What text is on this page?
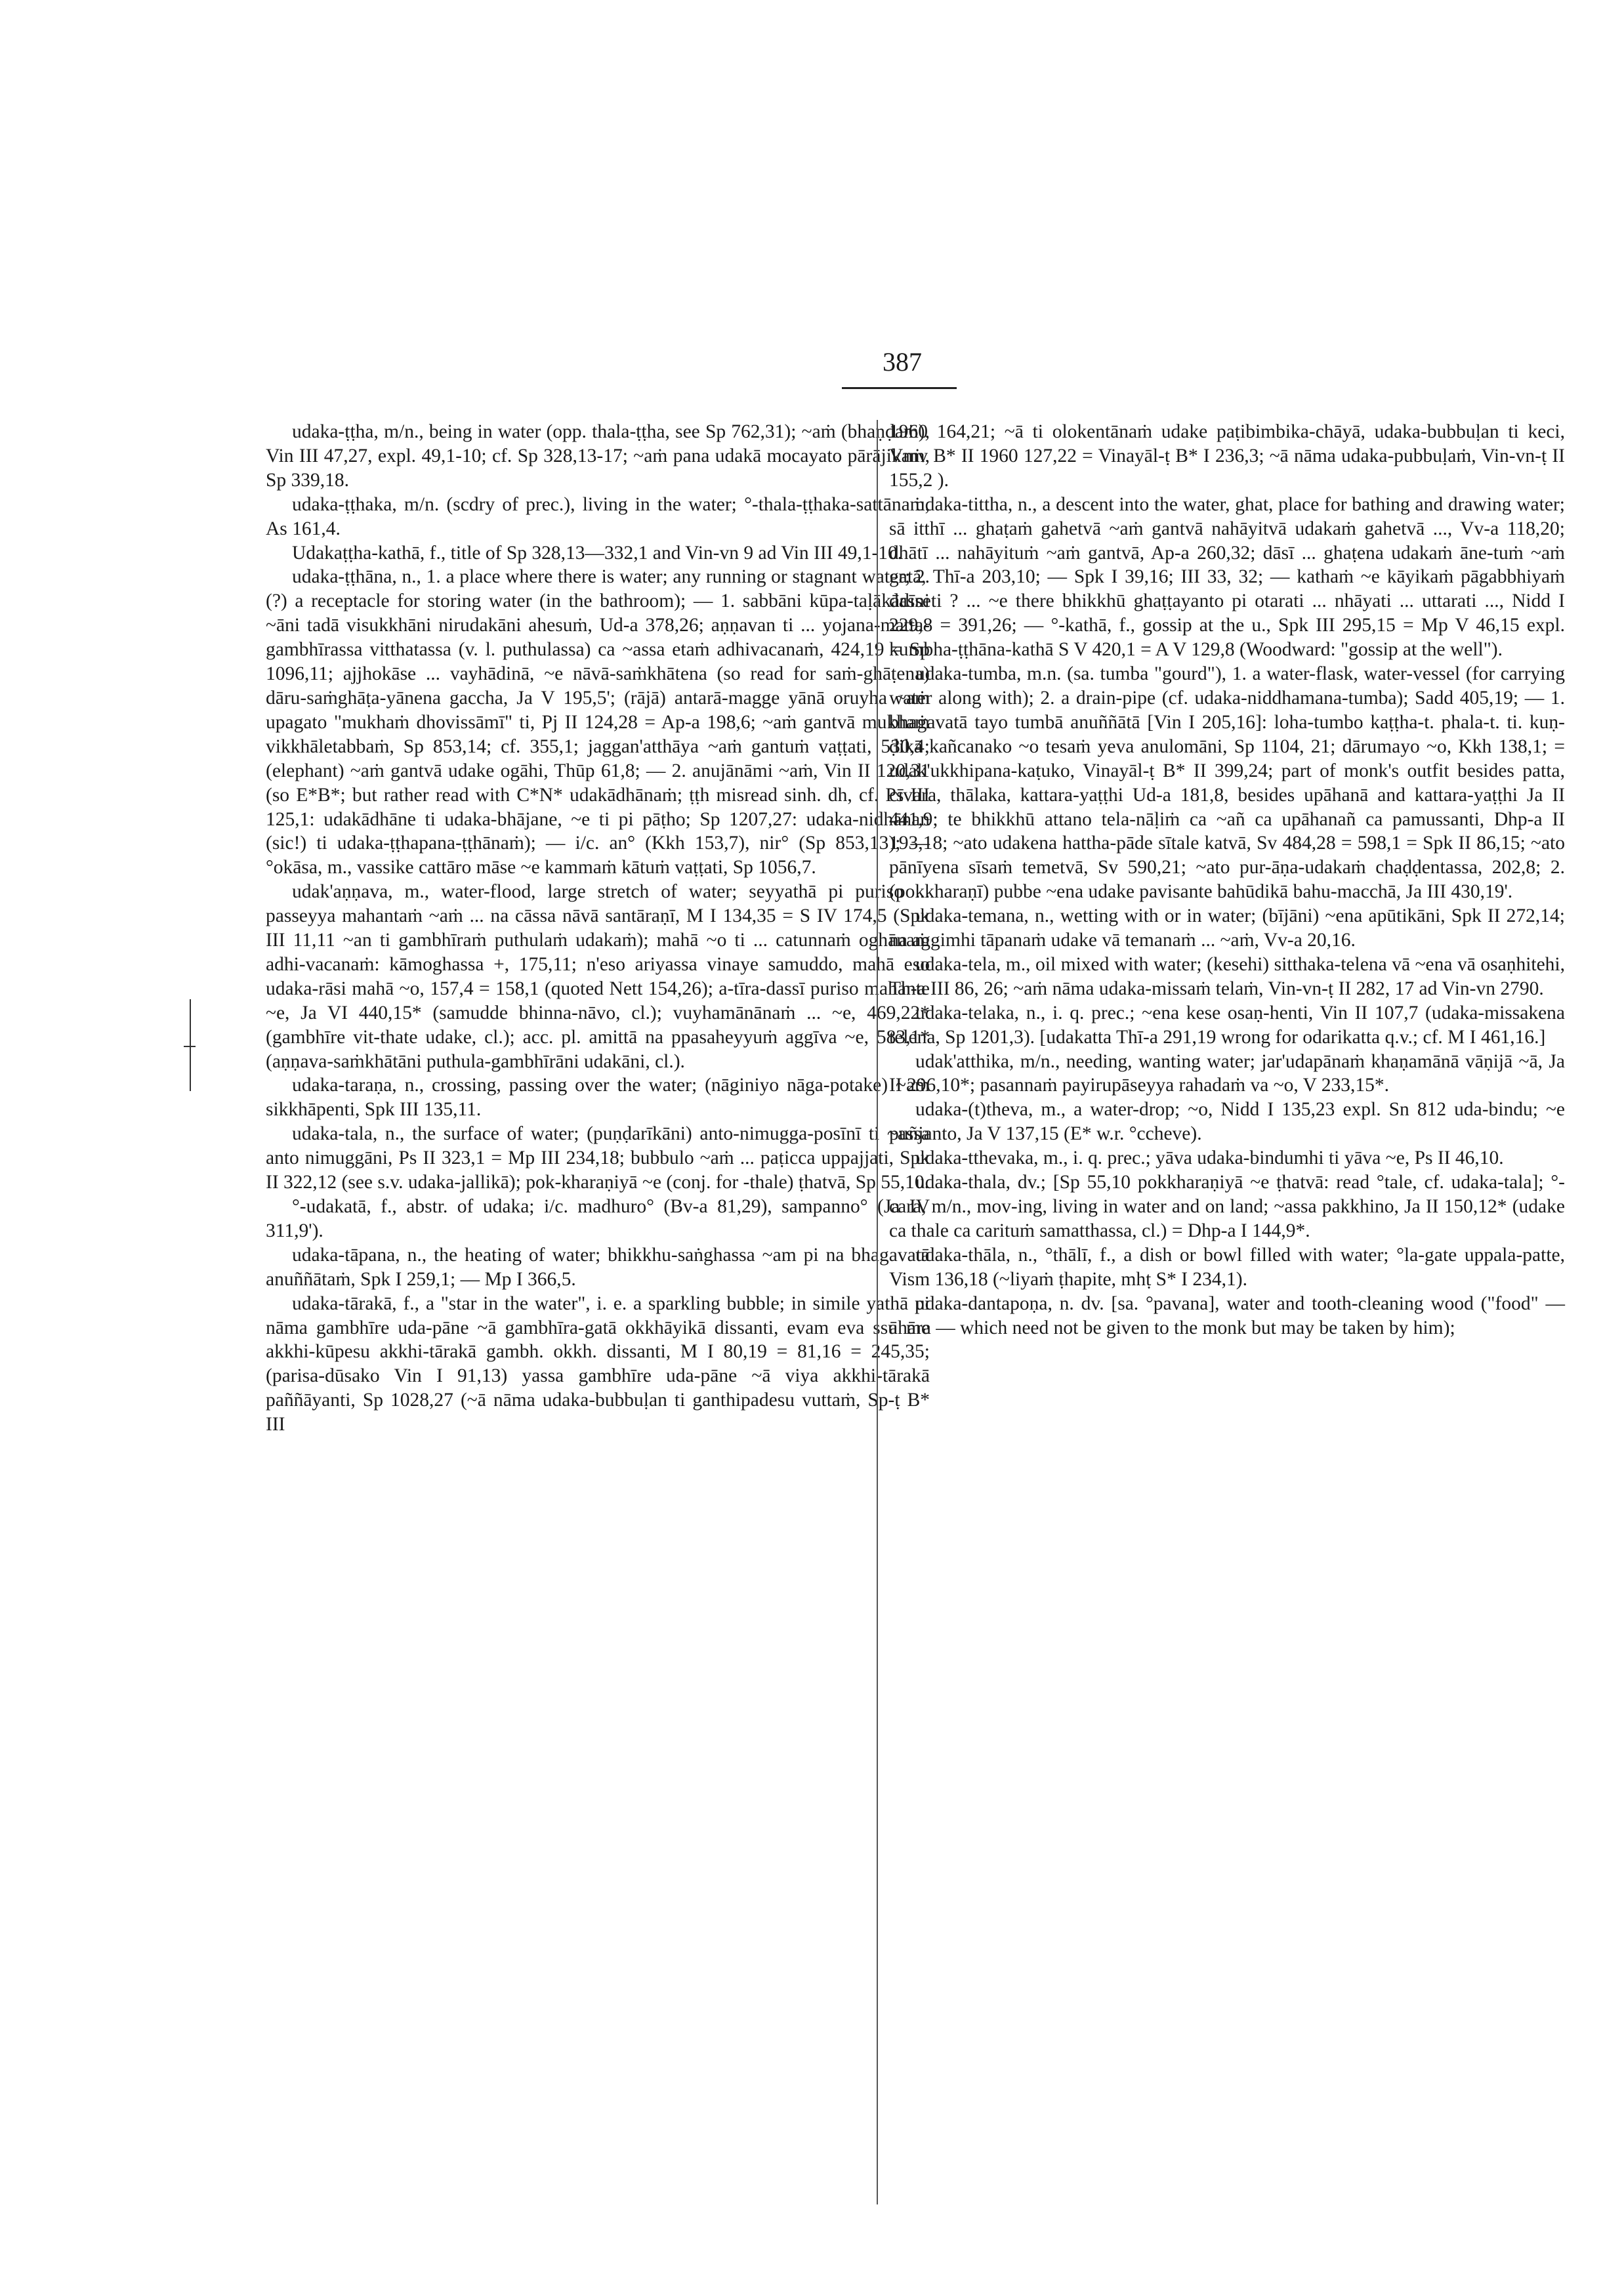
387

udaka-ṭṭha, m/n., being in water (opp. thala-ṭṭha, see Sp 762,31); ~aṁ (bhaṇḍaṁ), Vin III 47,27, expl. 49,1-10; cf. Sp 328,13-17; ~aṁ pana udakā mocayato pārājikaṁ, Sp 339,18.

udaka-ṭṭhaka, m/n. (scdry of prec.), living in the water; °-thala-ṭṭhaka-sattānaṁ, As 161,4.

Udakaṭṭha-kathā, f., title of Sp 328,13—332,1 and Vin-vn 9 ad Vin III 49,1-10.

udaka-ṭṭhāna, n., 1. a place where there is water; any running or stagnant water; 2. (?) a receptacle for storing water (in the bathroom); — 1. sabbāni kūpa-taḷākādīni ~āni tadā visukkhāni nirudakāni ahesuṁ, Ud-a 378,26; aṇṇavan ti ... yojana-matta-gambhīrassa vitthatassa (v. l. puthulassa) ca ~assa etaṁ adhivacanaṁ, 424,19 = Sp 1096,11; ajjhokāse ... vayhādinā, ~e nāvā-saṁkhātena (so read for saṁ-ghāṭena) dāru-saṁghāṭa-yānena gaccha, Ja V 195,5'; (rājā) antarā-magge yānā oruyha ~aṁ upagato "mukhaṁ dhovissāmī" ti, Pj II 124,28 = Ap-a 198,6; ~aṁ gantvā mukhaṁ vikkhāletabbaṁ, Sp 853,14; cf. 355,1; jaggan'atthāya ~aṁ gantuṁ vaṭṭati, 530,4; (elephant) ~aṁ gantvā udake ogāhi, Thūp 61,8; — 2. anujānāmi ~aṁ, Vin II 120,31 (so E*B*; but rather read with C*N* udakādhānaṁ; ṭṭh misread sinh. dh, cf. Ps III 125,1: udakādhāne ti udaka-bhājane, ~e ti pi pāṭho; Sp 1207,27: udaka-nidhānan (sic!) ti udaka-ṭṭhapana-ṭṭhānaṁ); — i/c. an° (Kkh 153,7), nir° (Sp 853,13); — °okāsa, m., vassike cattāro māse ~e kammaṁ kātuṁ vaṭṭati, Sp 1056,7.

udak'aṇṇava, m., water-flood, large stretch of water; seyyathā pi puriso ... passeyya mahantaṁ ~aṁ ... na cāssa nāvā santāraṇī, M I 134,35 = S IV 174,5 (Spk III 11,11 ~an ti gambhīraṁ puthulaṁ udakaṁ); mahā ~o ti ... catunnaṁ oghānaṁ adhi-vacanaṁ: kāmoghassa +, 175,11; n'eso ariyassa vinaye samuddo, mahā eso udaka-rāsi mahā ~o, 157,4 = 158,1 (quoted Nett 154,26); a-tīra-dassī puriso mahante ~e, Ja VI 440,15* (samudde bhinna-nāvo, cl.); vuyhamānānaṁ ... ~e, 469,22* (gambhīre vit-thate udake, cl.); acc. pl. amittā na ppasaheyyuṁ aggīva ~e, 583,1* (aṇṇava-saṁkhātāni puthula-gambhīrāni udakāni, cl.).

udaka-taraṇa, n., crossing, passing over the water; (nāginiyo nāga-potake) ~aṁ sikkhāpenti, Spk III 135,11.

udaka-tala, n., the surface of water; (puṇḍarīkāni) anto-nimugga-posīnī ti ~assa anto nimuggāni, Ps II 323,1 = Mp III 234,18; bubbulo ~aṁ ... paṭicca uppajjati, Spk II 322,12 (see s.v. udaka-jallikā); pok-kharaṇiyā ~e (conj. for -thale) ṭhatvā, Sp 55,10.

°-udakatā, f., abstr. of udaka; i/c. madhuro° (Bv-a 81,29), sampanno° (Ja IV 311,9').

udaka-tāpana, n., the heating of water; bhikkhu-saṅghassa ~am pi na bhagavatā anuññātaṁ, Spk I 259,1; — Mp I 366,5.

udaka-tārakā, f., a "star in the water", i. e. a sparkling bubble; in simile yathā pi nāma gambhīre uda-pāne ~ā gambhīra-gatā okkhāyikā dissanti, evam eva ssu me akkhi-kūpesu akkhi-tārakā gambh. okkh. dissanti, M I 80,19 = 81,16 = 245,35; (parisa-dūsako Vin I 91,13) yassa gambhīre uda-pāne ~ā viya akkhi-tārakā paññāyanti, Sp 1028,27 (~ā nāma udaka-bubbuḷan ti ganthipadesu vuttaṁ, Sp-ṭ B* III

1960 164,21; ~ā ti olokentānaṁ udake paṭibimbika-chāyā, udaka-bubbuḷan ti keci, Vmv B* II 1960 127,22 = Vinayāl-ṭ B* I 236,3; ~ā nāma udaka-pubbuḷaṁ, Vin-vn-ṭ II 155,2 ).

udaka-tittha, n., a descent into the water, ghat, place for bathing and drawing water; sā itthī ... ghaṭaṁ gahetvā ~aṁ gantvā nahāyitvā udakaṁ gahetvā ..., Vv-a 118,20; dhātī ... nahāyituṁ ~aṁ gantvā, Ap-a 260,32; dāsī ... ghaṭena udakaṁ āne-tuṁ ~aṁ gatā, Thī-a 203,10; — Spk I 39,16; III 33, 32; — kathaṁ ~e kāyikaṁ pāgabbhiyaṁ dasseti ? ... ~e there bhikkhū ghaṭṭayanto pi otarati ... nhāyati ... uttarati ..., Nidd I 229,8 = 391,26; — °-kathā, f., gossip at the u., Spk III 295,15 = Mp V 46,15 expl. kumbha-ṭṭhāna-kathā S V 420,1 = A V 129,8 (Woodward: "gossip at the well").

udaka-tumba, m.n. (sa. tumba "gourd"), 1. a water-flask, water-vessel (for carrying water along with); 2. a drain-pipe (cf. udaka-niddhamana-tumba); Sadd 405,19; — 1. bhagavatā tayo tumbā anuññātā [Vin I 205,16]: loha-tumbo kaṭṭha-t. phala-t. ti. kuṇ-ḍikā kañcanako ~o tesaṁ yeva anulomāni, Sp 1104, 21; dārumayo ~o, Kkh 138,1; = udak'ukkhipana-kaṭuko, Vinayāl-ṭ B* II 399,24; part of monk's outfit besides patta, cīvara, thālaka, kattara-yaṭṭhi Ud-a 181,8, besides upāhanā and kattara-yaṭṭhi Ja II 441,9; te bhikkhū attano tela-nāḷiṁ ca ~añ ca upāhanañ ca pamussanti, Dhp-a II 193,18; ~ato udakena hattha-pāde sītale katvā, Sv 484,28 = 598,1 = Spk II 86,15; ~ato pānīyena sīsaṁ temetvā, Sv 590,21; ~ato pur-āṇa-udakaṁ chaḍḍentassa, 202,8; 2. (pokkharaṇī) pubbe ~ena udake pavisante bahūdikā bahu-macchā, Ja III 430,19'.

udaka-temana, n., wetting with or in water; (bījāni) ~ena apūtikāni, Spk II 272,14; na aggimhi tāpanaṁ udake vā temanaṁ ... ~aṁ, Vv-a 20,16.

udaka-tela, m., oil mixed with water; (kesehi) sitthaka-telena vā ~ena vā osaṇhitehi, Th-a III 86, 26; ~aṁ nāma udaka-missaṁ telaṁ, Vin-vn-ṭ II 282, 17 ad Vin-vn 2790.

udaka-telaka, n., i. q. prec.; ~ena kese osaṇ-henti, Vin II 107,7 (udaka-missakena telena, Sp 1201,3). [udakatta Thī-a 291,19 wrong for odarikatta q.v.; cf. M I 461,16.]

udak'atthika, m/n., needing, wanting water; jar'udapānaṁ khaṇamānā vāṇijā ~ā, Ja II 296,10*; pasannaṁ payirupāseyya rahadaṁ va ~o, V 233,15*.

udaka-(t)theva, m., a water-drop; ~o, Nidd I 135,23 expl. Sn 812 uda-bindu; ~e puñjanto, Ja V 137,15 (E* w.r. °ccheve).

udaka-tthevaka, m., i. q. prec.; yāva udaka-bindumhi ti yāva ~e, Ps II 46,10.

udaka-thala, dv.; [Sp 55,10 pokkharaṇiyā ~e ṭhatvā: read °tale, cf. udaka-tala]; °-cara, m/n., mov-ing, living in water and on land; ~assa pakkhino, Ja II 150,12* (udake ca thale ca carituṁ samatthassa, cl.) = Dhp-a I 144,9*.

udaka-thāla, n., °thālī, f., a dish or bowl filled with water; °la-gate uppala-patte, Vism 136,18 (~liyaṁ ṭhapite, mhṭ S* I 234,1).

udaka-dantapoṇa, n. dv. [sa. °pavana], water and tooth-cleaning wood ("food" — āhāra — which need not be given to the monk but may be taken by him);
